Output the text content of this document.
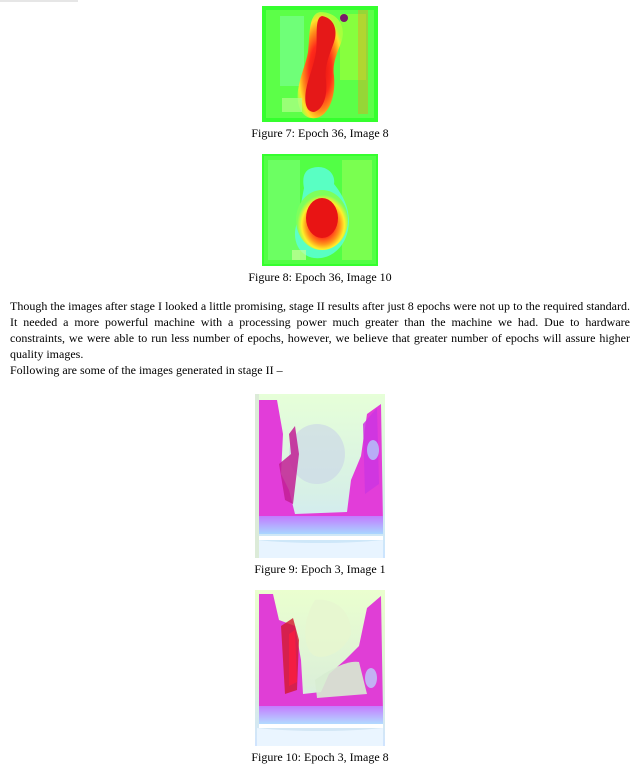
Figure 7: Epoch 36, Image 8
Figure 8: Epoch 36, Image 10

Though the images after stage I looked a little promising, stage II results after just 8 epochs were not up to the required standard. It needed a more powerful machine with a processing power much greater than the machine we had. Due to hardware constraints, we were able to run less number of epochs, however, we believe that greater number of epochs will assure higher quality images.

Following are some of the images generated in stage II –

Figure 9: Epoch 3, Image 1
Figure 10: Epoch 3, Image 8
